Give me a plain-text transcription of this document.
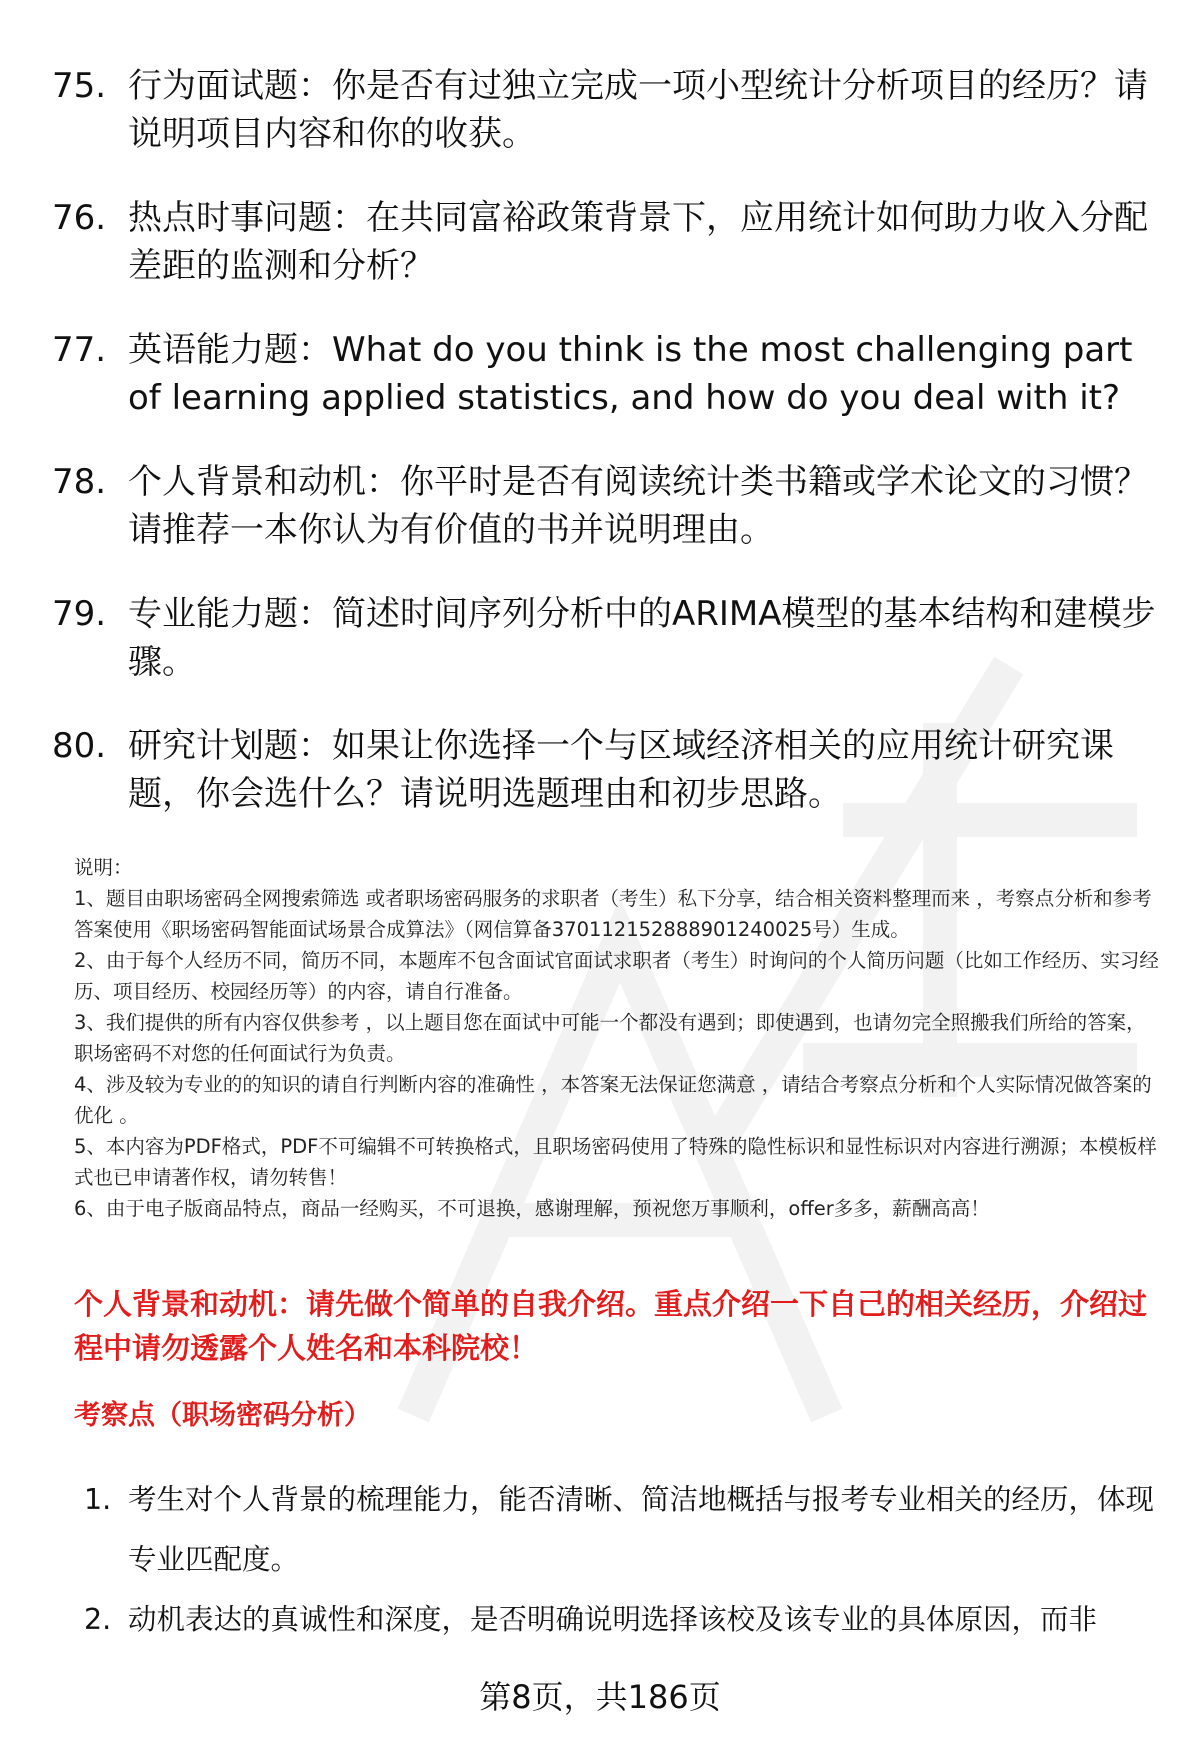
75. 行为面试题：你是否有过独立完成一项小型统计分析项目的经历？请说明项目内容和你的收获。
76. 热点时事问题：在共同富裕政策背景下，应用统计如何助力收入分配差距的监测和分析？
77. 英语能力题：What do you think is the most challenging part of learning applied statistics, and how do you deal with it?
78. 个人背景和动机：你平时是否有阅读统计类书籍或学术论文的习惯？请推荐一本你认为有价值的书并说明理由。
79. 专业能力题：简述时间序列分析中的ARIMA模型的基本结构和建模步骤。
80. 研究计划题：如果让你选择一个与区域经济相关的应用统计研究课题，你会选什么？请说明选题理由和初步思路。

说明：

1、题目由职场密码全网搜索筛选 或者职场密码服务的求职者（考生）私下分享，结合相关资料整理而来 ，考察点分析和参考答案使用《职场密码智能面试场景合成算法》（网信算备370112152888901240025号）生成。

2、由于每个人经历不同，简历不同，本题库不包含面试官面试求职者（考生）时询问的个人简历问题（比如工作经历、实习经历、项目经历、校园经历等）的内容，请自行准备。

3、我们提供的所有内容仅供参考 ，以上题目您在面试中可能一个都没有遇到；即使遇到，也请勿完全照搬我们所给的答案，职场密码不对您的任何面试行为负责。

4、涉及较为专业的的知识的请自行判断内容的准确性 ，本答案无法保证您满意 ，请结合考察点分析和个人实际情况做答案的优化 。

5、本内容为PDF格式，PDF不可编辑不可转换格式，且职场密码使用了特殊的隐性标识和显性标识对内容进行溯源；本模板样式也已申请著作权，请勿转售！

6、由于电子版商品特点，商品一经购买，不可退换，感谢理解，预祝您万事顺利，offer多多，薪酬高高！

个人背景和动机：请先做个简单的自我介绍。重点介绍一下自己的相关经历，介绍过程中请勿透露个人姓名和本科院校！
考察点（职场密码分析）
1. 考生对个人背景的梳理能力，能否清晰、简洁地概括与报考专业相关的经历，体现专业匹配度。
2. 动机表达的真诚性和深度，是否明确说明选择该校及该专业的具体原因，而非
第8页，共186页
